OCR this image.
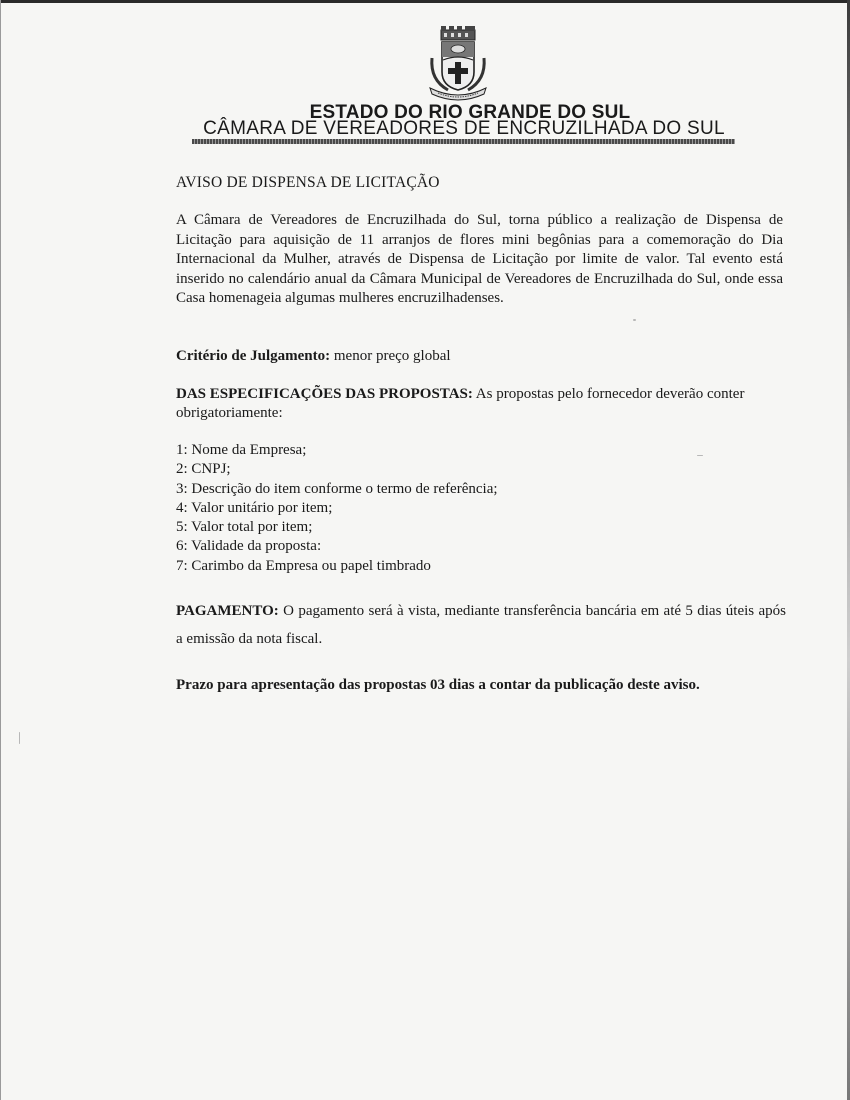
ESTADO DO RIO GRANDE DO SUL
CÂMARA DE VEREADORES DE ENCRUZILHADA DO SUL
AVISO DE DISPENSA DE LICITAÇÃO

A Câmara de Vereadores de Encruzilhada do Sul, torna público a realização de Dispensa de Licitação para aquisição de 11 arranjos de flores mini begônias para a comemoração do Dia Internacional da Mulher, através de Dispensa de Licitação por limite de valor. Tal evento está inserido no calendário anual da Câmara Municipal de Vereadores de Encruzilhada do Sul, onde essa Casa homenageia algumas mulheres encruzilhadenses.

Critério de Julgamento: menor preço global
DAS ESPECIFICAÇÕES DAS PROPOSTAS: As propostas pelo fornecedor deverão conter obrigatoriamente:
1: Nome da Empresa;
2: CNPJ;
3: Descrição do item conforme o termo de referência;
4: Valor unitário por item;
5: Valor total por item;
6: Validade da proposta:
7: Carimbo da Empresa ou papel timbrado
PAGAMENTO: O pagamento será à vista, mediante transferência bancária em até 5 dias úteis após a emissão da nota fiscal.
Prazo para apresentação das propostas 03 dias a contar da publicação deste aviso.
